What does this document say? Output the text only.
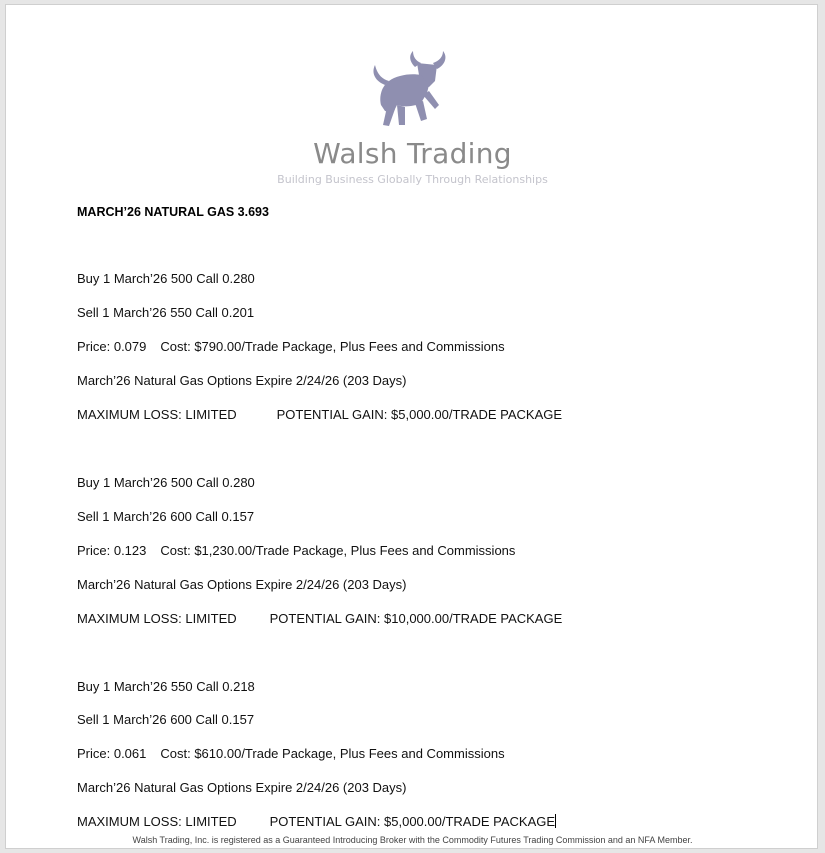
Walsh Trading
Building Business Globally Through Relationships
MARCH’26 NATURAL GAS 3.693
Buy 1 March’26 500 Call 0.280
Sell 1 March’26 550 Call 0.201
Price: 0.079 Cost: $790.00/Trade Package, Plus Fees and Commissions
March’26 Natural Gas Options Expire 2/24/26 (203 Days)
MAXIMUM LOSS: LIMITED	POTENTIAL GAIN: $5,000.00/TRADE PACKAGE
Buy 1 March’26 500 Call 0.280
Sell 1 March’26 600 Call 0.157
Price: 0.123 Cost: $1,230.00/Trade Package, Plus Fees and Commissions
March’26 Natural Gas Options Expire 2/24/26 (203 Days)
MAXIMUM LOSS: LIMITED	POTENTIAL GAIN: $10,000.00/TRADE PACKAGE
Buy 1 March’26 550 Call 0.218
Sell 1 March’26 600 Call 0.157
Price: 0.061 Cost: $610.00/Trade Package, Plus Fees and Commissions
March’26 Natural Gas Options Expire 2/24/26 (203 Days)
MAXIMUM LOSS: LIMITED	POTENTIAL GAIN: $5,000.00/TRADE PACKAGE
Walsh Trading, Inc. is registered as a Guaranteed Introducing Broker with the Commodity Futures Trading Commission and an NFA Member.
